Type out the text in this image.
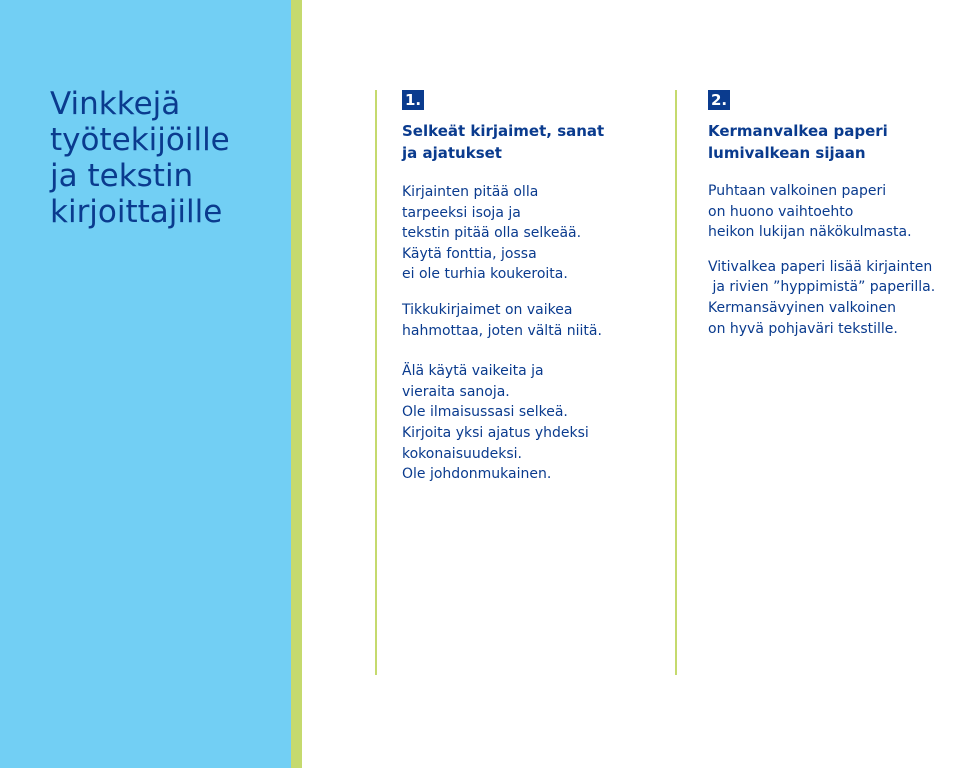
Vinkkejä
työtekijöille
ja tekstin
kirjoittajille
1.
Selkeät kirjaimet, sanat
ja ajatukset

Kirjainten pitää olla
tarpeeksi isoja ja
tekstin pitää olla selkeää.
Käytä fonttia, jossa
ei ole turhia koukeroita.

Tikkukirjaimet on vaikea
hahmottaa, joten vältä niitä.

Älä käytä vaikeita ja
vieraita sanoja.
Ole ilmaisussasi selkeä.
Kirjoita yksi ajatus yhdeksi
kokonaisuudeksi.
Ole johdonmukainen.

2.
Kermanvalkea paperi
lumivalkean sijaan

Puhtaan valkoinen paperi
on huono vaihtoehto
heikon lukijan näkökulmasta.

Vitivalkea paperi lisää kirjainten
ja rivien ”hyppimistä” paperilla.
Kermansävyinen valkoinen
on hyvä pohjaväri tekstille.
